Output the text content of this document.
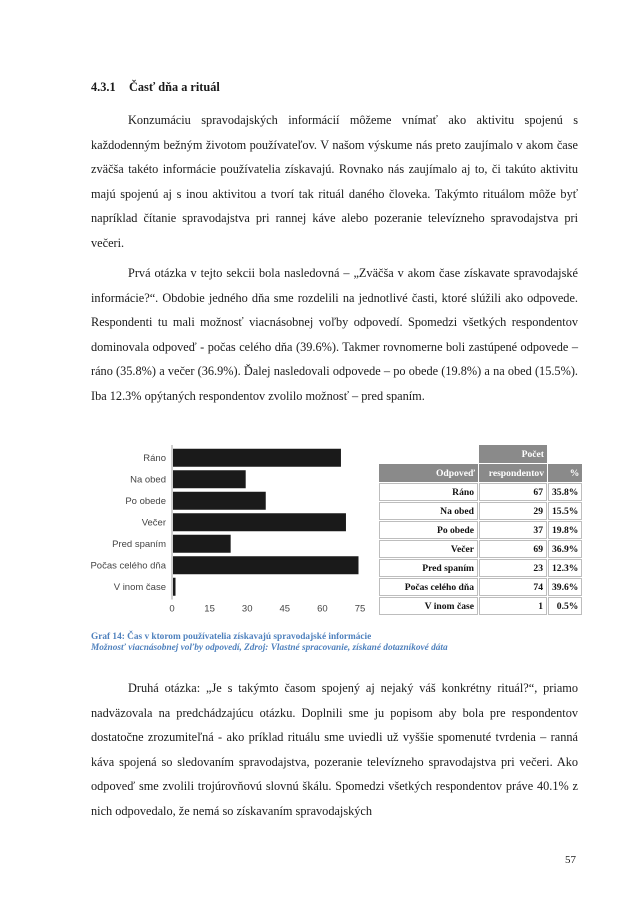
4.3.1 Časť dňa a rituál

Konzumáciu spravodajských informácií môžeme vnímať ako aktivitu spojenú s každodenným bežným životom používateľov. V našom výskume nás preto zaujímalo v akom čase zväčša takéto informácie používatelia získavajú. Rovnako nás zaujímalo aj to, či takúto aktivitu majú spojenú aj s inou aktivitou a tvorí tak rituál daného človeka. Takýmto rituálom môže byť napríklad čítanie spravodajstva pri rannej káve alebo pozeranie televízneho spravodajstva pri večeri.

Prvá otázka v tejto sekcii bola nasledovná – „Zväčša v akom čase získavate spravodajské informácie?“. Obdobie jedného dňa sme rozdelili na jednotlivé časti, ktoré slúžili ako odpovede. Respondenti tu mali možnosť viacnásobnej voľby odpovedí. Spomedzi všetkých respondentov dominovala odpoveď - počas celého dňa (39.6%). Takmer rovnomerne boli zastúpené odpovede – ráno (35.8%) a večer (36.9%). Ďalej nasledovali odpovede – po obede (19.8%) a na obed (15.5%). Iba 12.3% opýtaných respondentov zvolilo možnosť – pred spaním.

Ráno
Na obed
Po obede
Večer
Pred spaním
Počas celého dňa
V inom čase
0	15	30	45	60	75
	Počet	
Odpoveď	respondentov	%
Ráno	67	35.8%
Na obed	29	15.5%
Po obede	37	19.8%
Večer	69	36.9%
Pred spaním	23	12.3%
Počas celého dňa	74	39.6%
V inom čase	1	0.5%
Graf 14: Čas v ktorom používatelia získavajú spravodajské informácie
Možnosť viacnásobnej voľby odpovedí, Zdroj: Vlastné spracovanie, získané dotazníkové dáta

Druhá otázka: „Je s takýmto časom spojený aj nejaký váš konkrétny rituál?“, priamo nadväzovala na predchádzajúcu otázku. Doplnili sme ju popisom aby bola pre respondentov dostatočne zrozumiteľná - ako príklad rituálu sme uviedli už vyššie spomenuté tvrdenia – ranná káva spojená so sledovaním spravodajstva, pozeranie televízneho spravodajstva pri večeri. Ako odpoveď sme zvolili trojúrovňovú slovnú škálu. Spomedzi všetkých respondentov práve 40.1% z nich odpovedalo, že nemá so získavaním spravodajských

57
